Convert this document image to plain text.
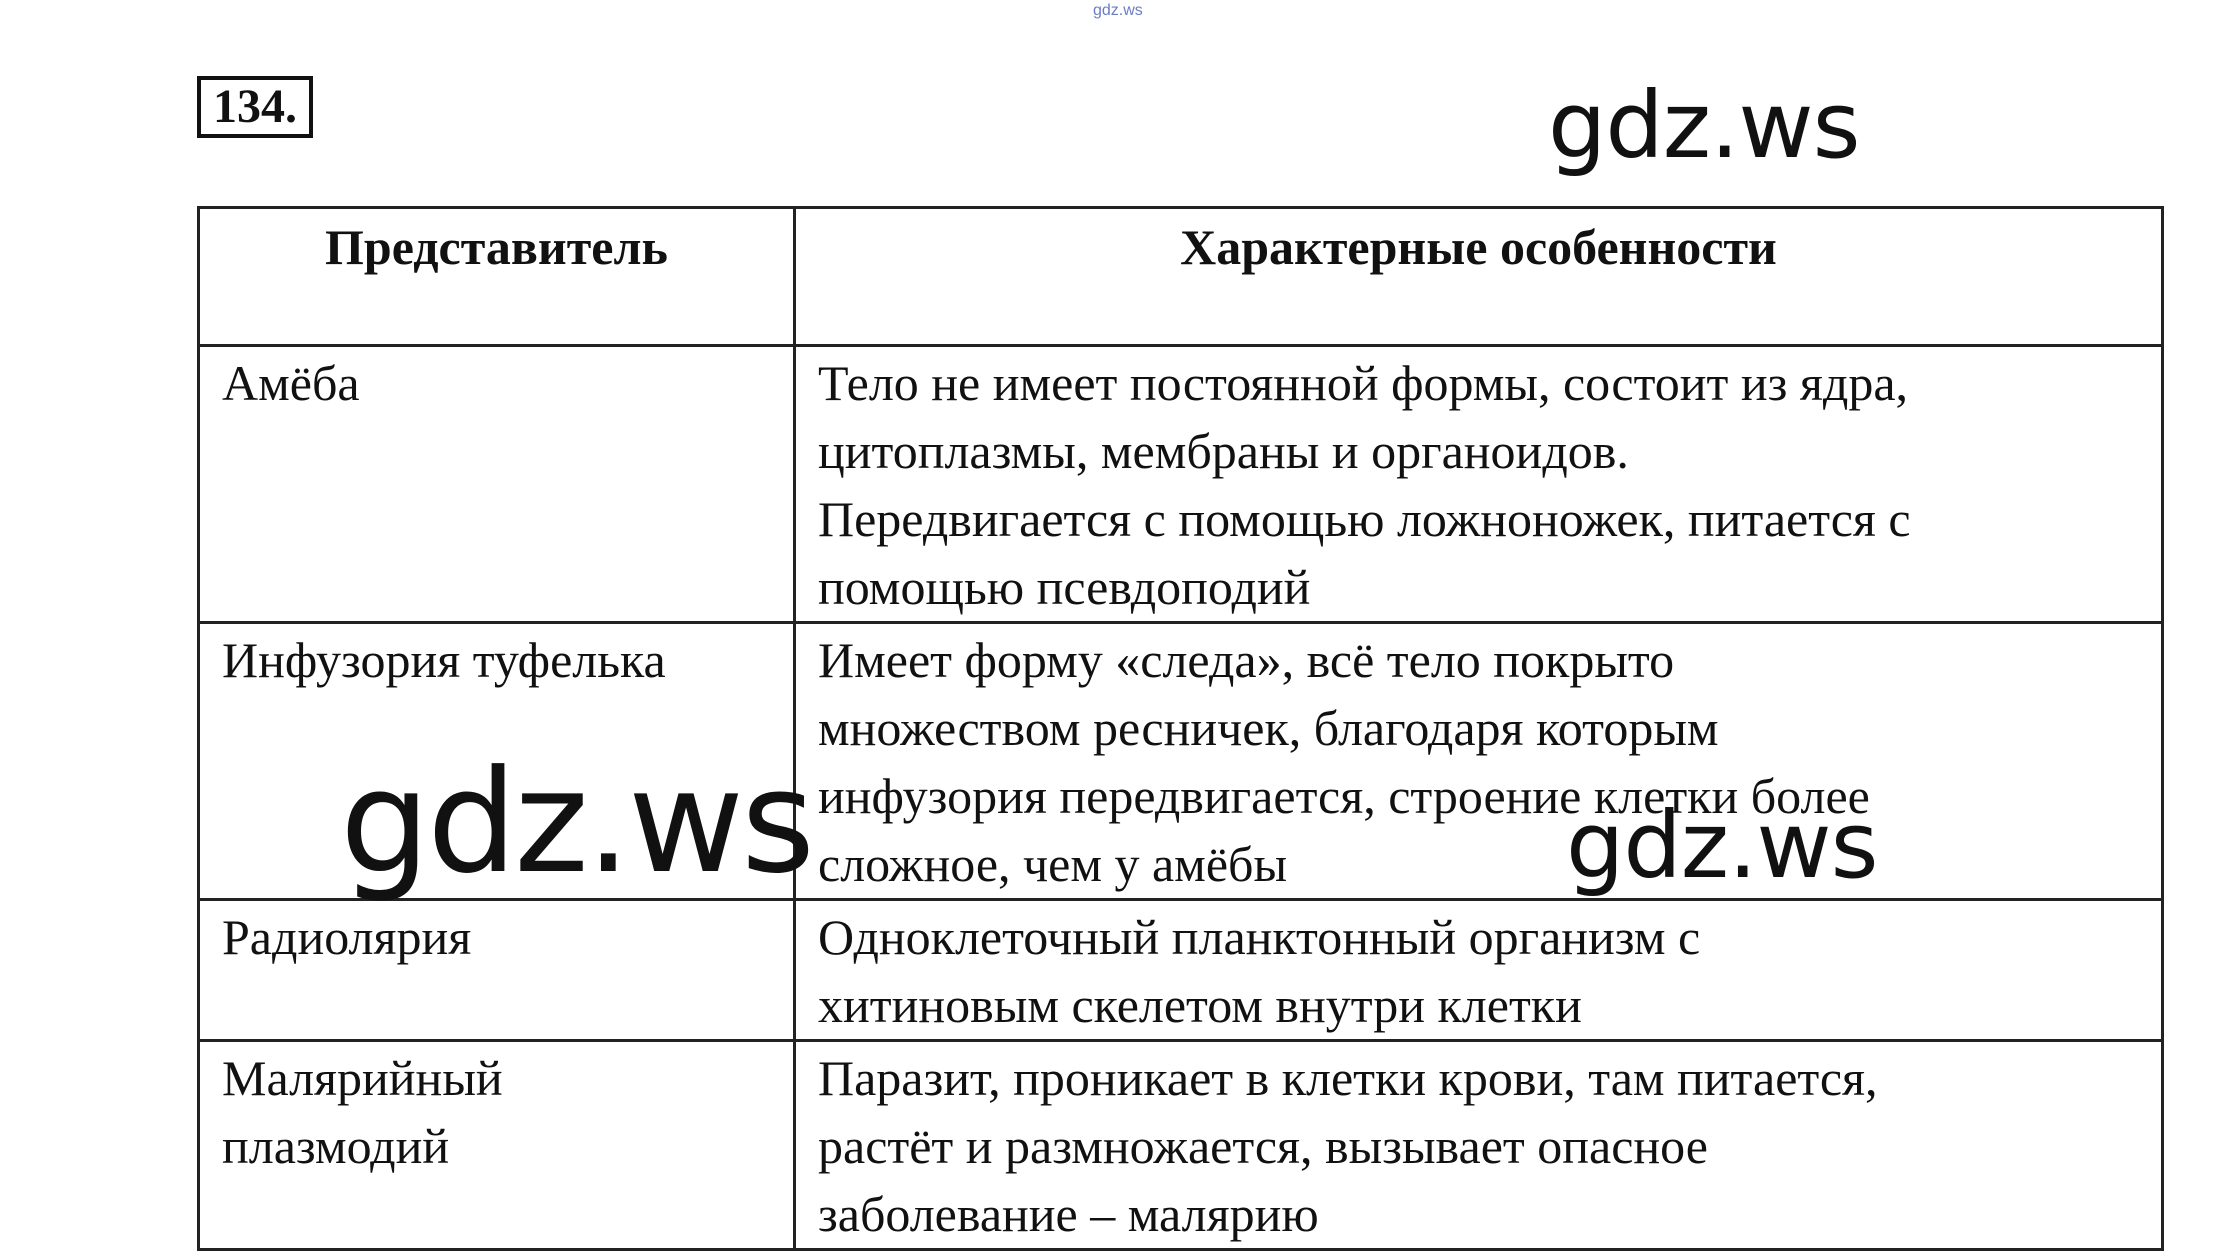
gdz.ws
134.	gdz.ws
gdz.ws	gdz.ws
Представитель	Характерные особенности

Амёба	Тело не имеет постоянной формы, состоит из ядра,
цитоплазмы, мембраны и органоидов.
Передвигается с помощью ложноножек, питается с
помощью псевдоподий

Инфузория туфелька	Имеет форму «следа», всё тело покрыто
множеством ресничек, благодаря которым
инфузория передвигается, строение клетки более
сложное, чем у амёбы

Радиолярия	Одноклеточный планктонный организм с
хитиновым скелетом внутри клетки

Малярийный
плазмодий	Паразит, проникает в клетки крови, там питается,
растёт и размножается, вызывает опасное
заболевание – малярию
